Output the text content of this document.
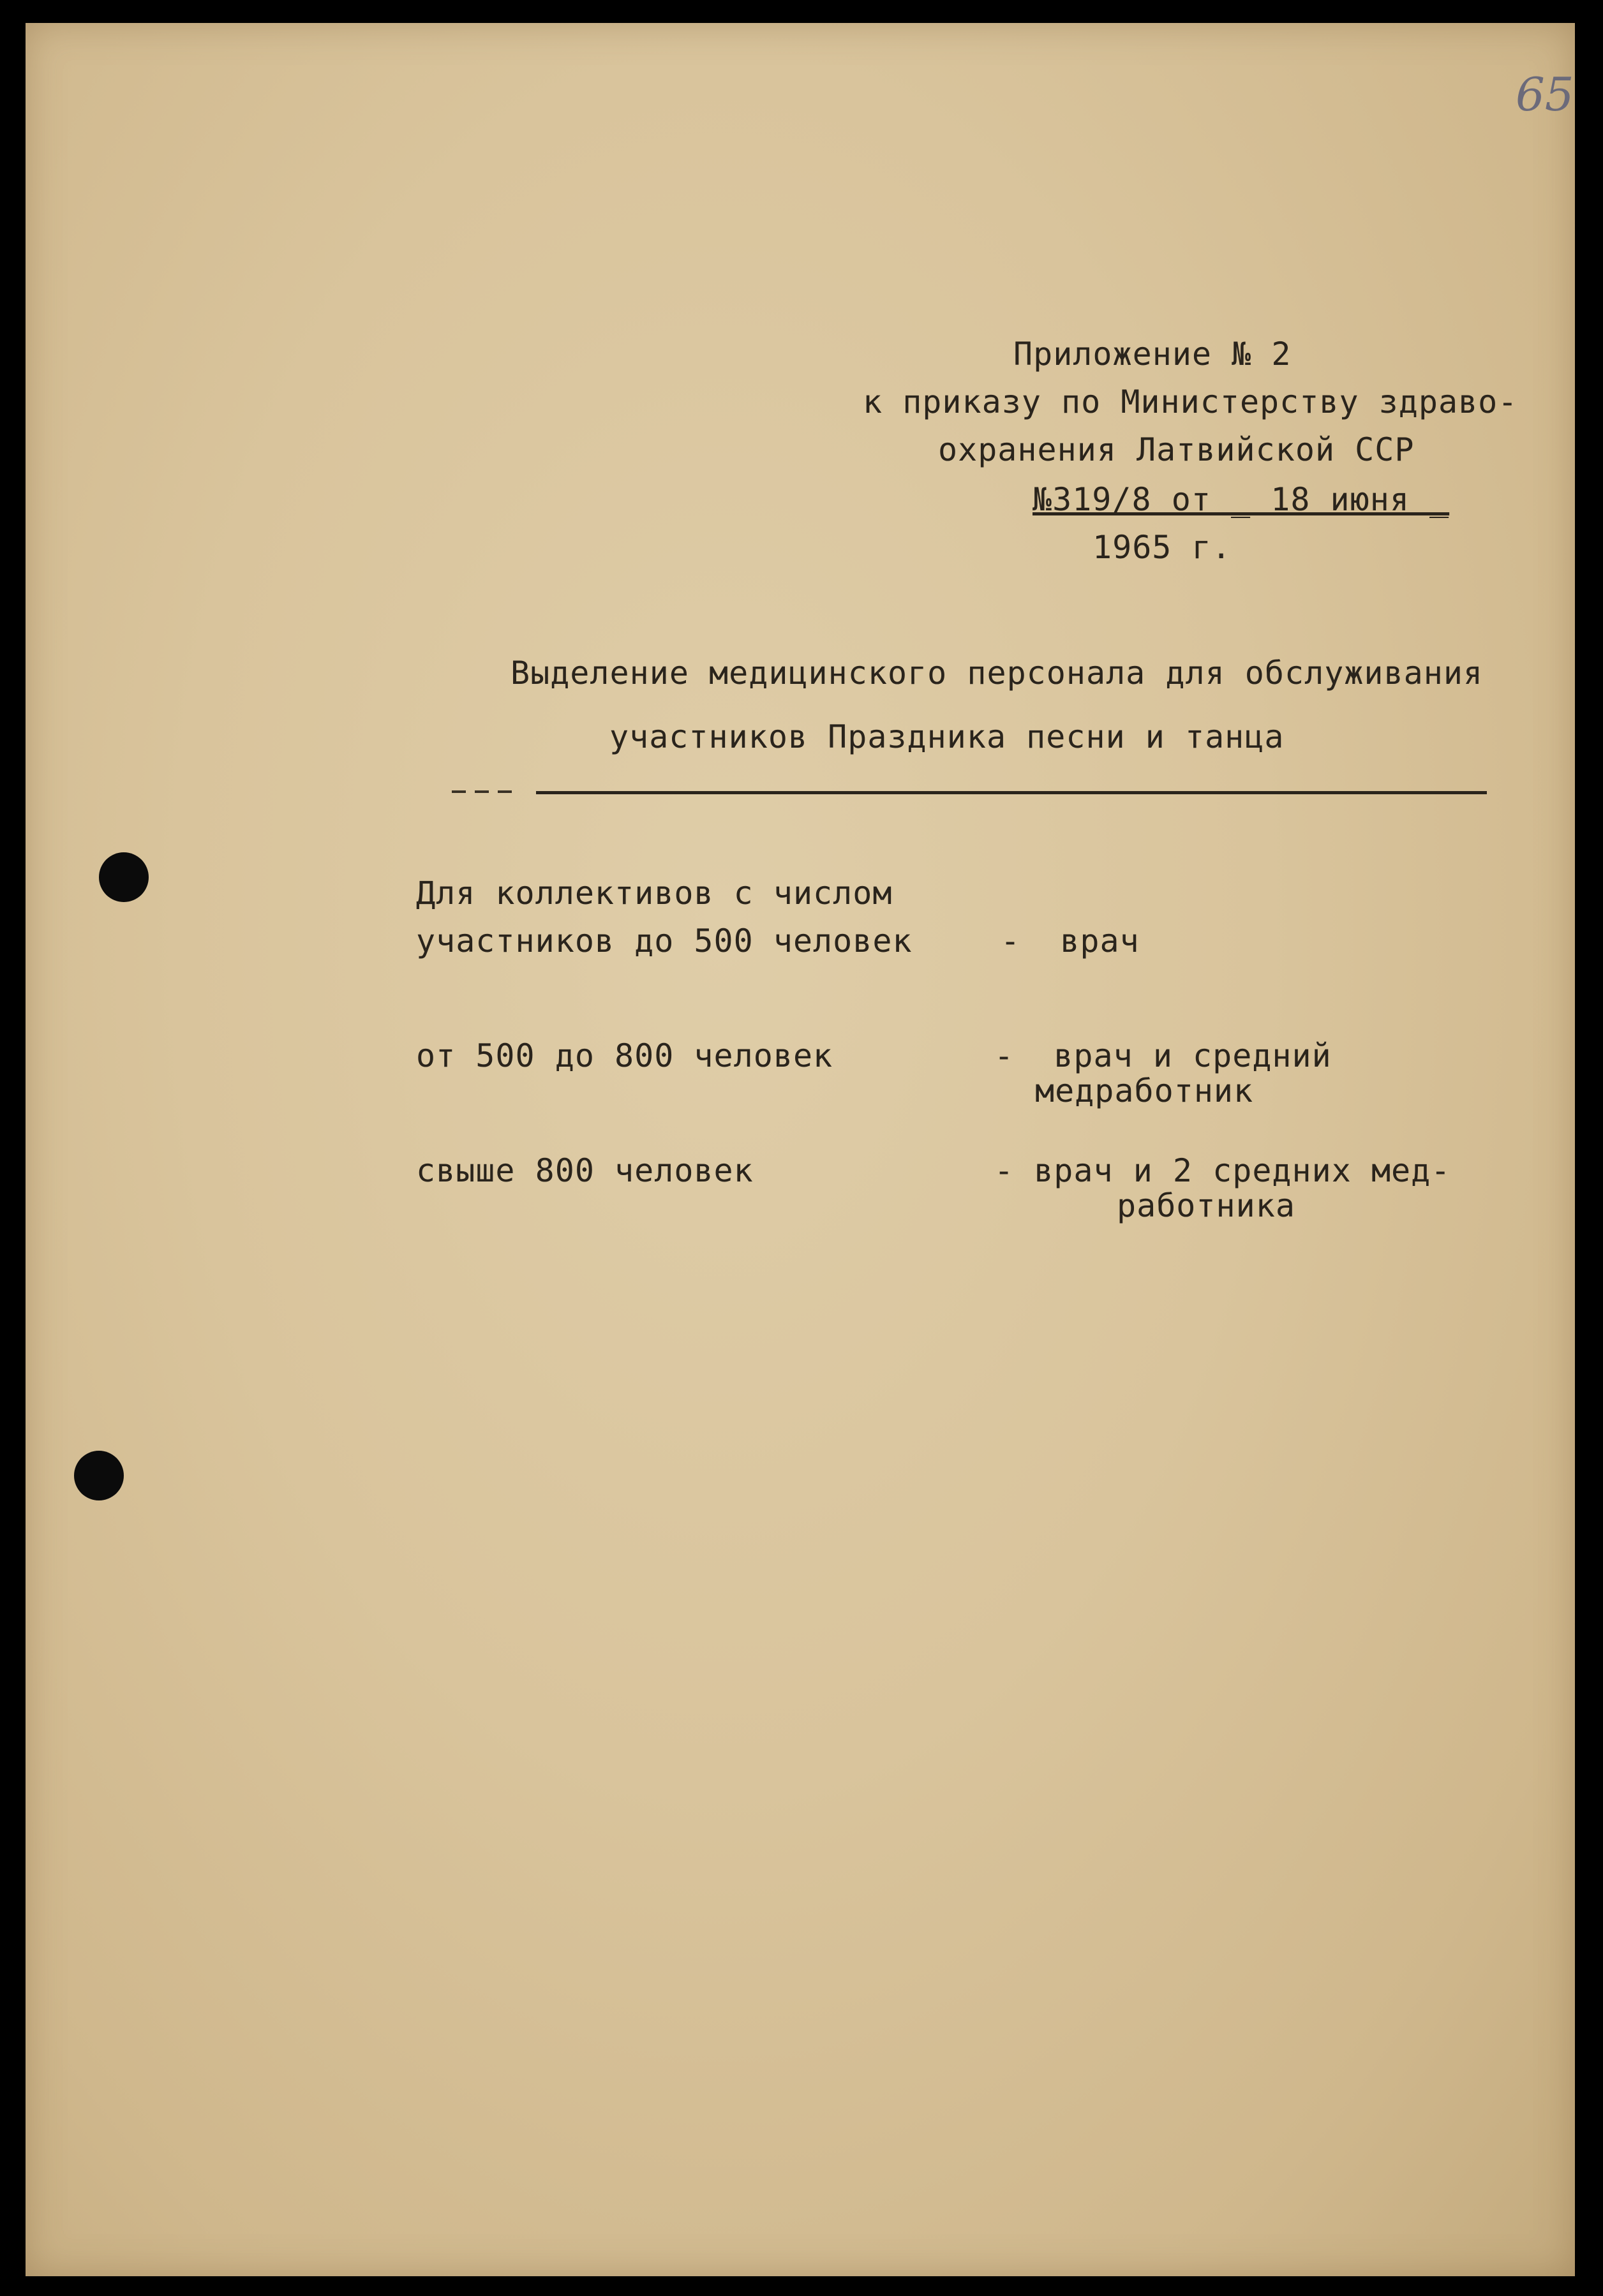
65
Приложение № 2
к приказу по Министерству здраво-
охранения Латвийской ССР
№319/8 от _ 18 июня _
1965 г.
Выделение медицинского персонала для обслуживания
участников Праздника песни и танца
Для коллективов с числом
участников до 500 человек	-  врач
от 500 до 800 человек	-  врач и средний
медработник
свыше 800 человек	- врач и 2 средних мед-
работника
